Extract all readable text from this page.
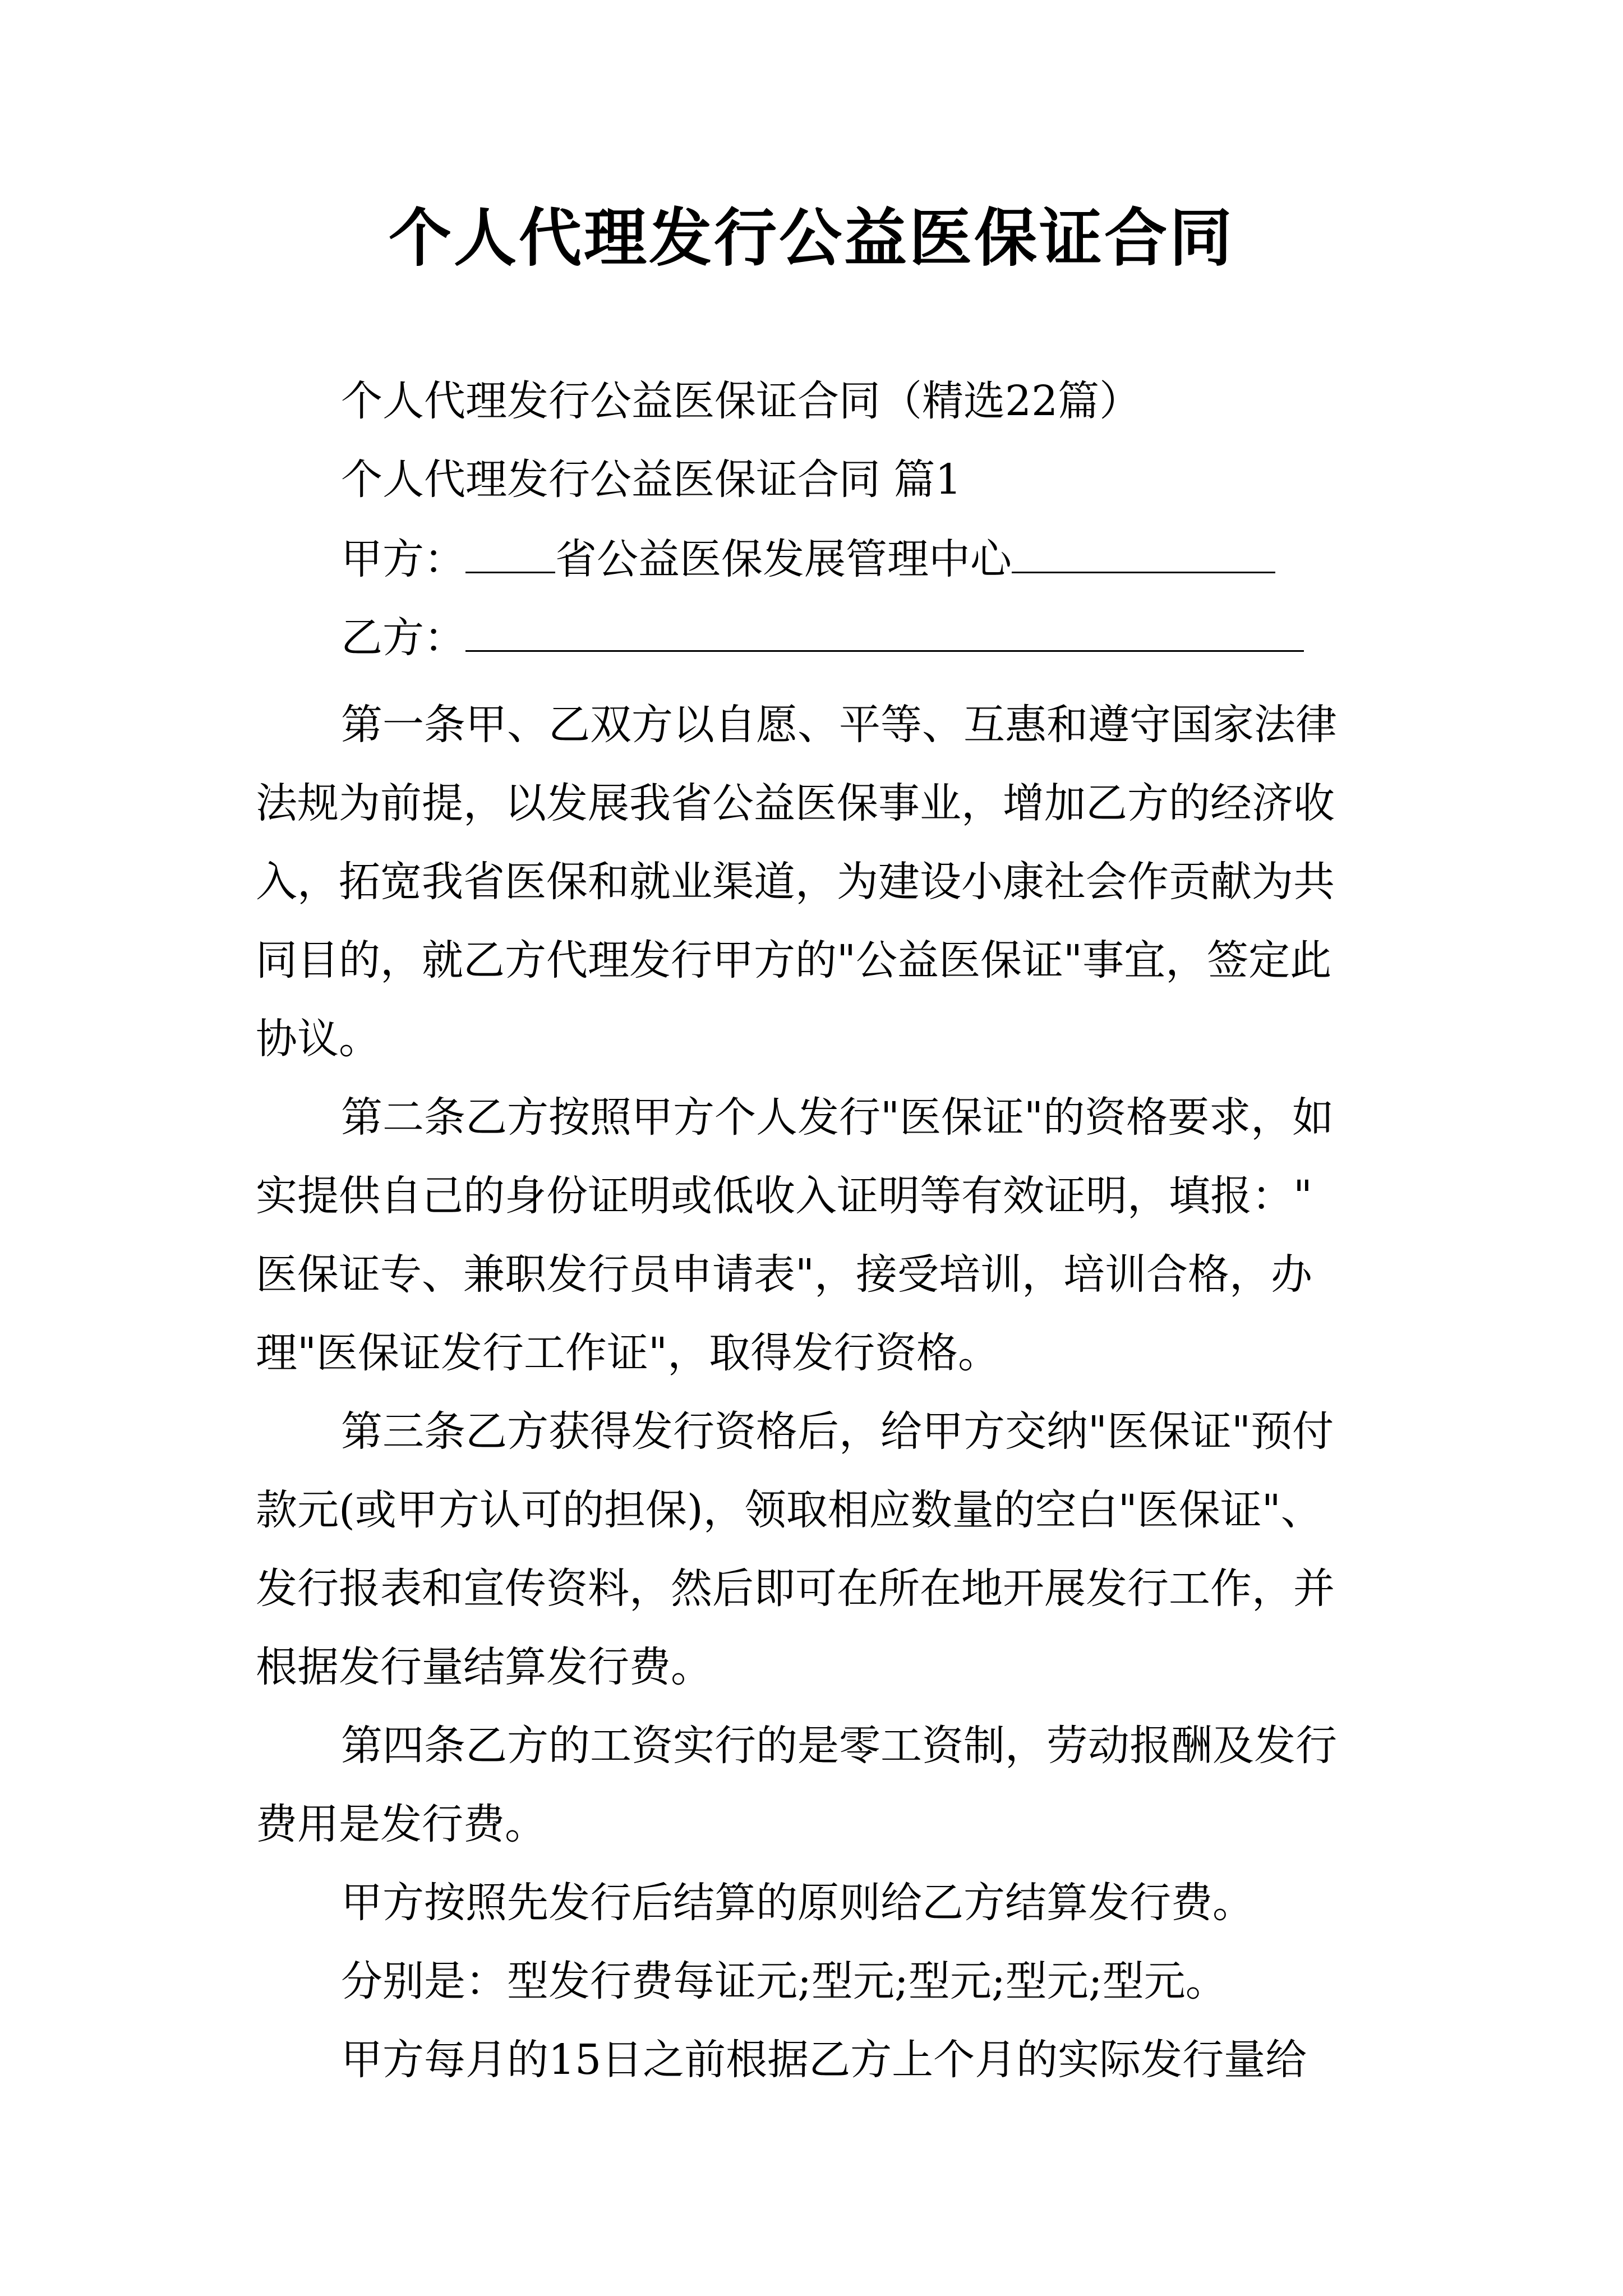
个人代理发行公益医保证合同
个人代理发行公益医保证合同（精选22篇）
个人代理发行公益医保证合同 篇1
甲方： 省公益医保发展管理中心
乙方：
第一条甲、乙双方以自愿、平等、互惠和遵守国家法律
法规为前提，以发展我省公益医保事业，增加乙方的经济收
入，拓宽我省医保和就业渠道，为建设小康社会作贡献为共
同目的，就乙方代理发行甲方的"公益医保证"事宜，签定此
协议。
第二条乙方按照甲方个人发行"医保证"的资格要求，如
实提供自己的身份证明或低收入证明等有效证明，填报："
医保证专、兼职发行员申请表"，接受培训，培训合格，办
理"医保证发行工作证"，取得发行资格。
第三条乙方获得发行资格后，给甲方交纳"医保证"预付
款元(或甲方认可的担保)，领取相应数量的空白"医保证"、
发行报表和宣传资料，然后即可在所在地开展发行工作，并
根据发行量结算发行费。
第四条乙方的工资实行的是零工资制，劳动报酬及发行
费用是发行费。
甲方按照先发行后结算的原则给乙方结算发行费。
分别是：型发行费每证元;型元;型元;型元;型元。
甲方每月的15日之前根据乙方上个月的实际发行量给
